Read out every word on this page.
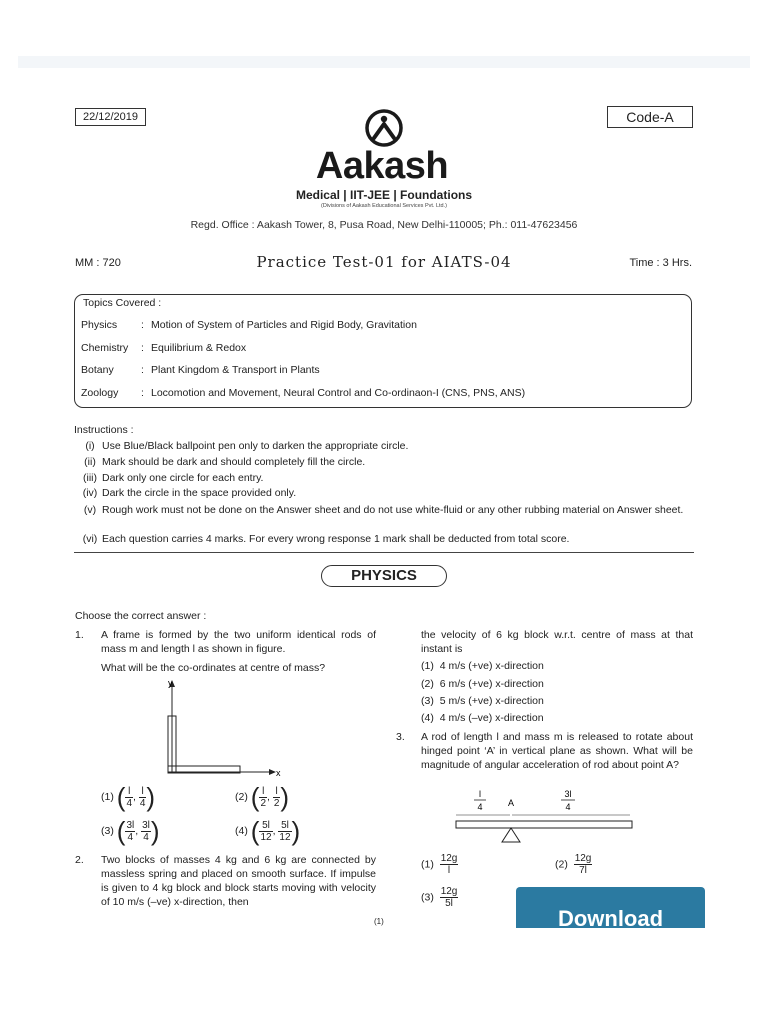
22/12/2019	Code-A
Aakash
Medical | IIT-JEE | Foundations
(Divisions of Aakash Educational Services Pvt. Ltd.)
Regd. Office : Aakash Tower, 8, Pusa Road, New Delhi-110005; Ph.: 011-47623456
MM : 720	Practice Test-01 for AIATS-04	Time : 3 Hrs.
Topics Covered :
Physics : Motion of System of Particles and Rigid Body, Gravitation
Chemistry : Equilibrium & Redox
Botany	: Plant Kingdom & Transport in Plants
Zoology : Locomotion and Movement, Neural Control and Co-ordinaon-I (CNS, PNS, ANS)
Instructions :
(i) Use Blue/Black ballpoint pen only to darken the appropriate circle.
(ii) Mark should be dark and should completely fill the circle.
(iii) Dark only one circle for each entry.
(iv) Dark the circle in the space provided only.
(v) Rough work must not be done on the Answer sheet and do not use white-fluid or any other rubbing material on Answer sheet.
(vi) Each question carries 4 marks. For every wrong response 1 mark shall be deducted from total score.
PHYSICS
Choose the correct answer :
1. A frame is formed by the two uniform identical rods of mass m and length l as shown in figure.
What will be the co-ordinates at centre of mass?
y
x
(1) ( $\frac{l}{4}$ , $\frac{l}{4}$ )	(2) ( $\frac{l}{2}$ , $\frac{l}{2}$ )
(3) ( $\frac{3l}{4}$ , $\frac{3l}{4}$ )	(4) ( $\frac{5l}{12}$ , $\frac{5l}{12}$ )
2. Two blocks of masses 4 kg and 6 kg are connected by massless spring and placed on smooth surface. If impulse is given to 4 kg block and block starts moving with velocity of 10 m/s (–ve) x-direction, then
the velocity of 6 kg block w.r.t. centre of mass at that instant is
(1) 4 m/s (+ve) x-direction
(2) 6 m/s (+ve) x-direction
(3) 5 m/s (+ve) x-direction
(4) 4 m/s (–ve) x-direction
3. A rod of length l and mass m is released to rotate about hinged point ‘A’ in vertical plane as shown. What will be magnitude of angular acceleration of rod about point A?
l
4
3l
4
A
$(1) \frac{12g}{l}$	$(2) \frac{12g}{7l}$
$(3) \frac{12g}{5l}$
(1)	Download
